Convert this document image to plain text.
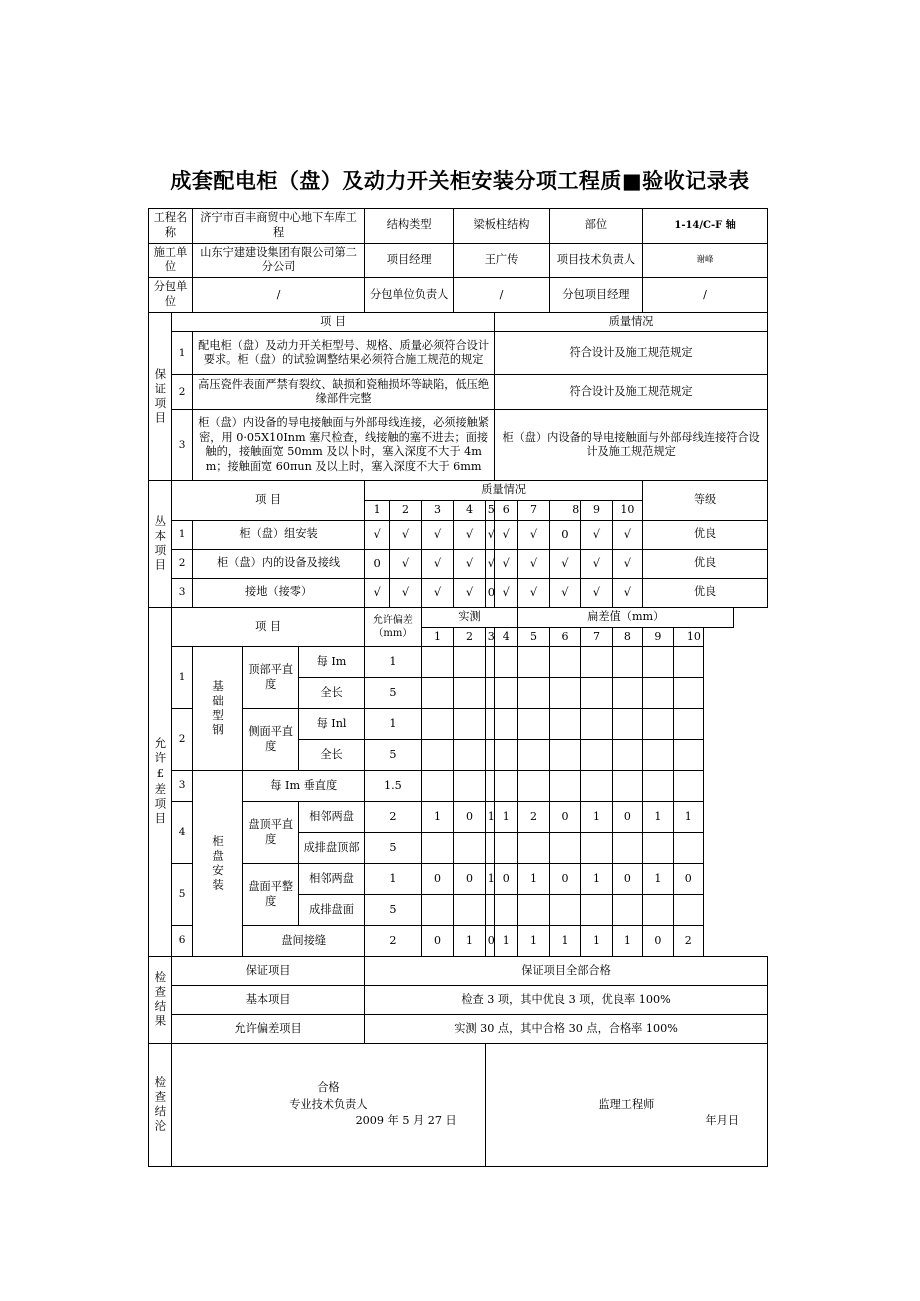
成套配电柜（盘）及动力开关柜安装分项工程质■验收记录表
工程名称		济宁市百丰商贸中心地下车库工程			结构类型			梁板柱结构				部位			1-14/C-F 轴	
施工单位		山东宁建建设集团有限公司第二分公司			项目经理			王广传				项目技术负责人			谢峰	
分包单位		/			分包单位负责人			/				分包项目经理			/	

保证项目	项 目									质量情况						
	1	配电柜（盘）及动力开关柜型号、规格、质量必须符合设计要求。柜（盘）的试验调整结果必须符合施工规范的规定								符合设计及施工规范规定						
	2	高压瓷件表面严禁有裂纹、缺损和瓷釉损坏等缺陷，低压绝缘部件完整								符合设计及施工规范规定						
	3	柜（盘）内设备的导电接触面与外部母线连接，必须接触紧密，用 0·05X10Inm 塞尺检查，线接触的塞不进去；面接触的，接触面宽 50mm 及以卜时，塞入深度不大于 4mm；接触面宽 60πun 及以上时，塞入深度不大于 6mm								柜（盘）内设备的导电接触面与外部母线连接符合设计及施工规范规定						

丛本项目	项 目				质量情况										等级	
					1	2	3	4	5	6	7	8	9	10		
	1	柜（盘）组安装			√	√	√	√	√	√	√	0	√	√	优良	
	2	柜（盘）内的设备及接线			0	√	√	√	√	√	√	√	√	√	优良	
	3	接地（接零）			√	√	√	√	0	√	√	√	√	√	优良	

允许£差项目	项 目				允许偏差（mm）		实测				扁差值（mm）					
							1	2	3	4	5	6	7	8	9	10
	1	基础型钢	顶部平直度	每 Im	1											
				全长	5											
	2		侧面平直度	每 Inl	1											
				全长	5											
	3	柜盘安装	每 Im 垂直度		1.5											
	4		盘顶平直度	相邻两盘	2		1	0	1	1	2	0	1	0	1	1
				成排盘顶部	5											
	5		盘面平整度	相邻两盘	1		0	0	1	0	1	0	1	0	1	0
				成排盘面	5											
	6		盘间接缝		2		0	1	0	1	1	1	1	1	0	2

检查结果	保证项目				保证项目全部合格											
	基本项目				检查 3 项，其中优良 3 项，优良率 100%											
	允许偏差项目				实测 30 点，其中合格 30 点，合格率 100%											

检查结沦	合格
专业技术负责人
2009 年 5 月 27 日

监理工程师
年月日
